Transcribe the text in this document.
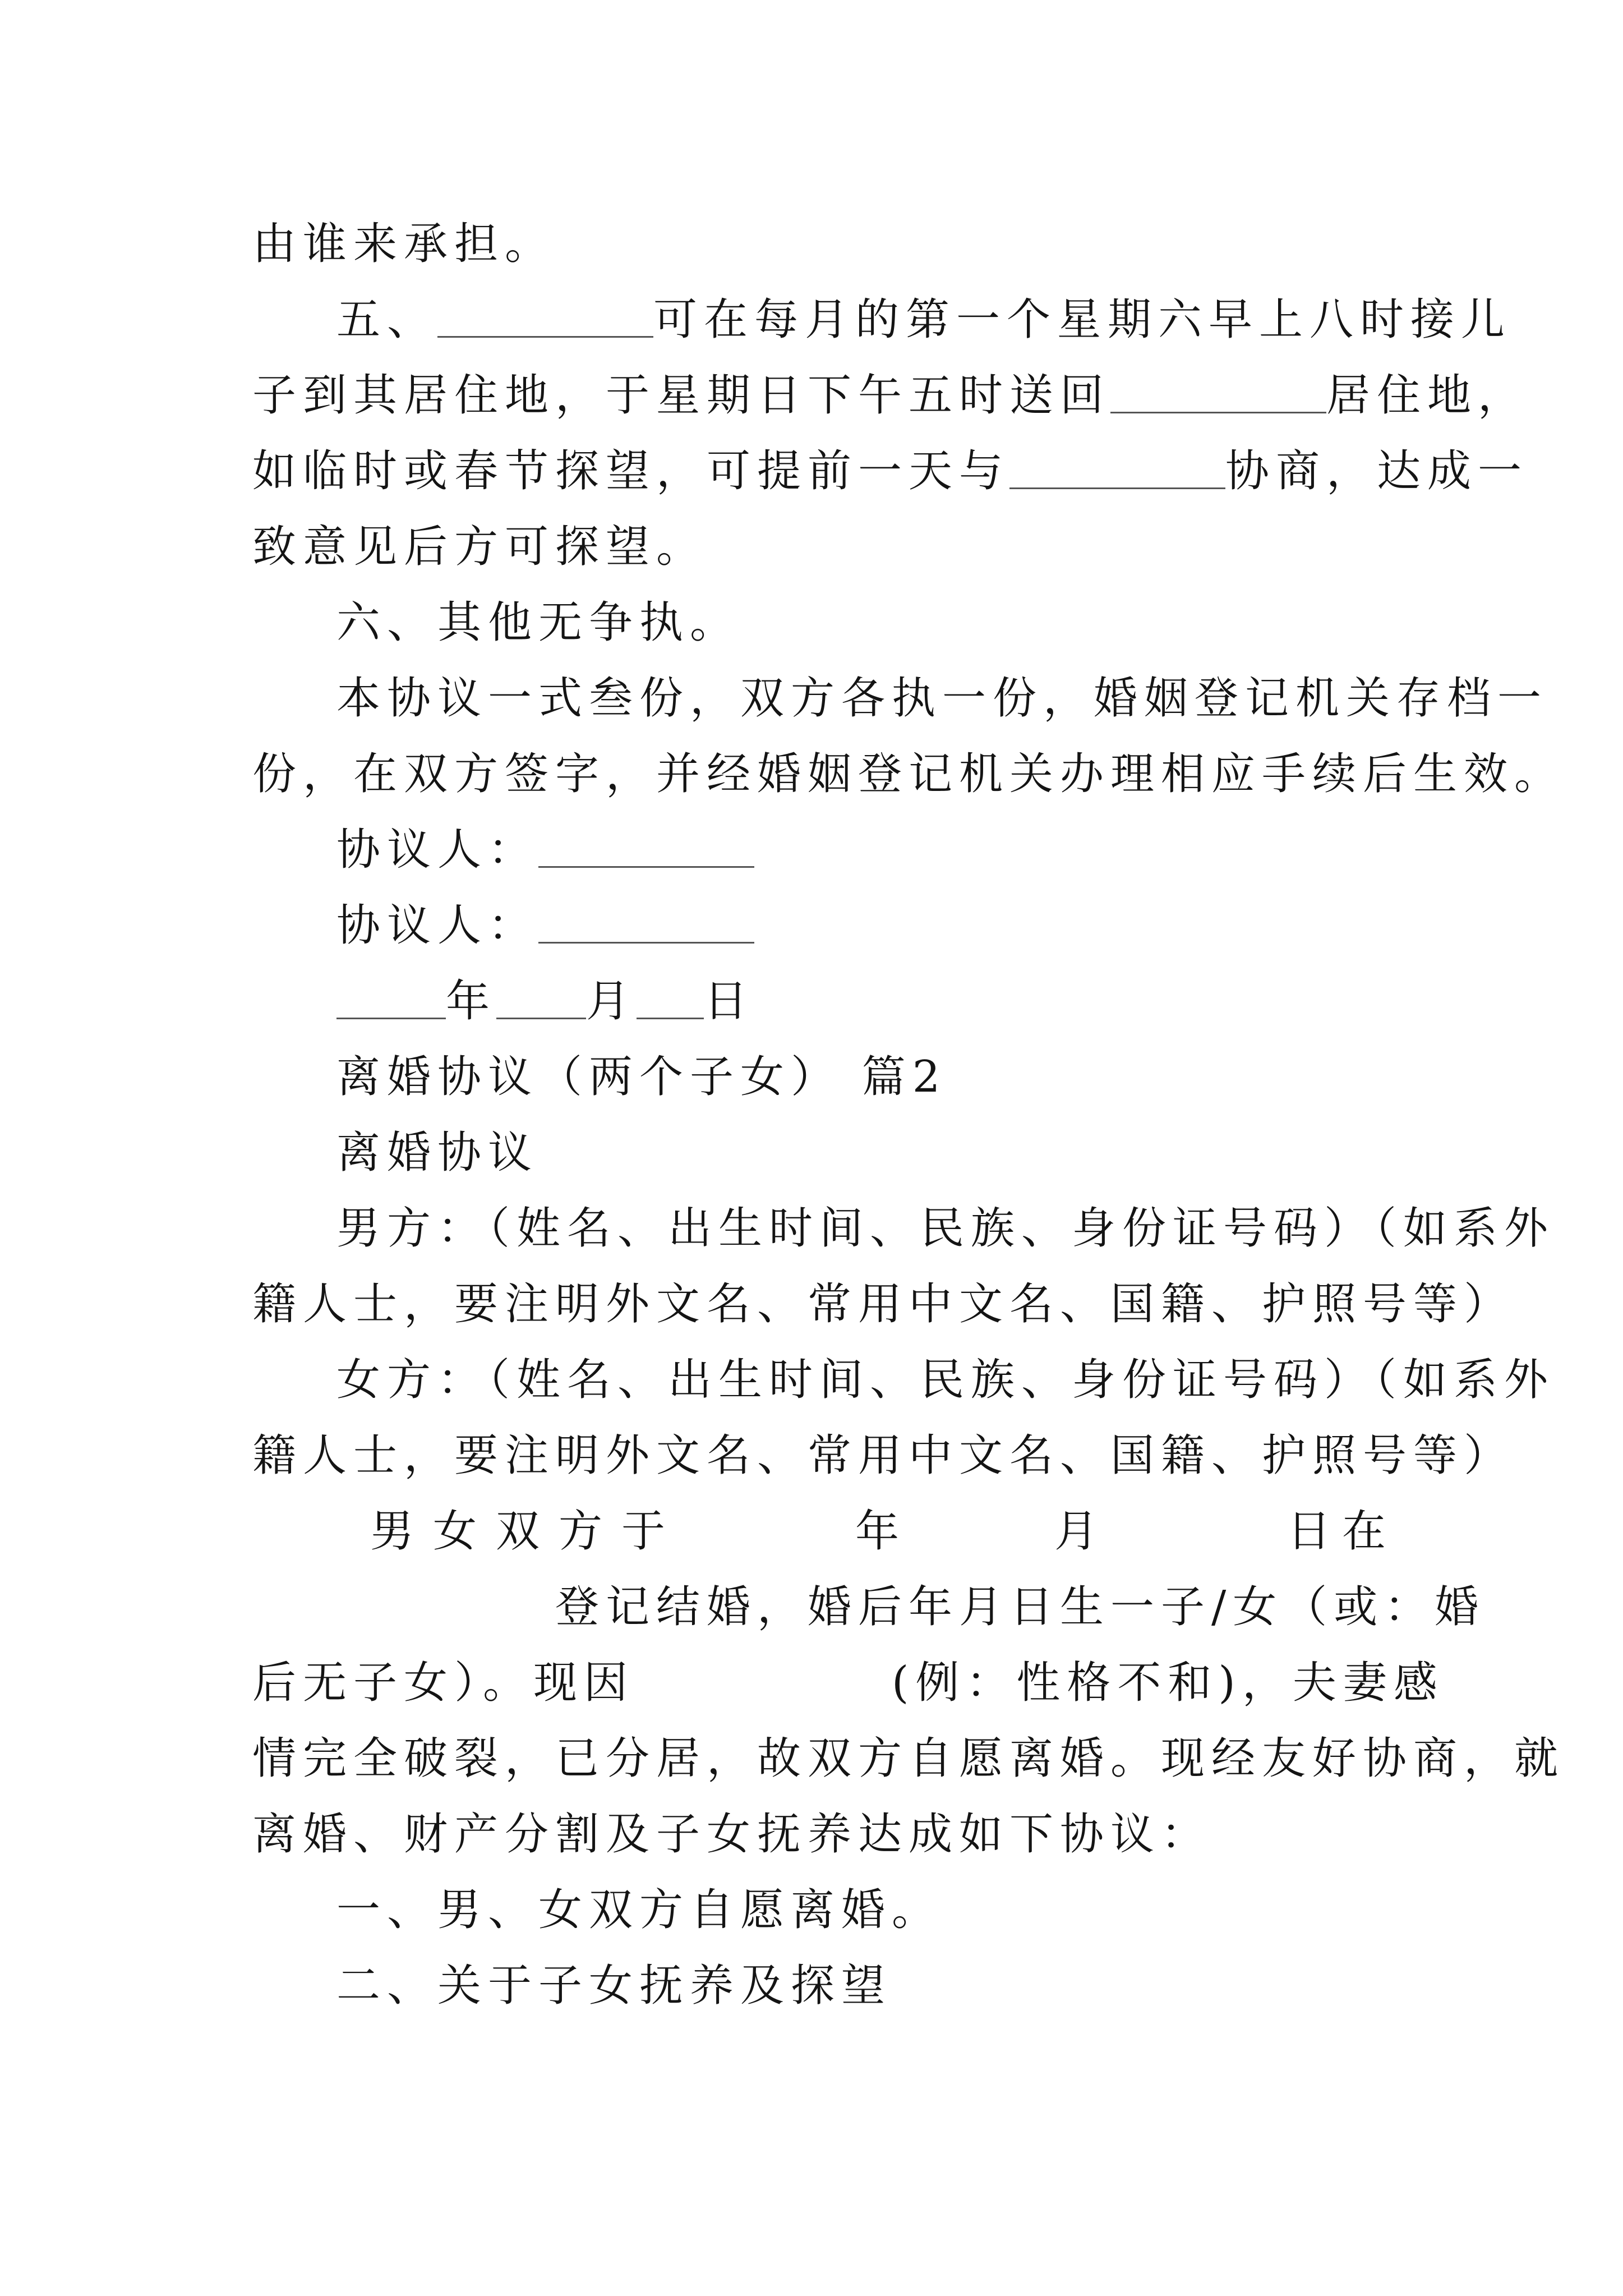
由谁来承担。
五、	可在每月的第一个星期六早上八时接儿
子到其居住地，于星期日下午五时送回	居住地，
如临时或春节探望，可提前一天与	协商，达成一
致意见后方可探望。
六、其他无争执。
本协议一式叁份，双方各执一份，婚姻登记机关存档一
份，在双方签字，并经婚姻登记机关办理相应手续后生效。
协议人：
协议人：
年 月 日
离婚协议（两个子女） 篇2
离婚协议
男方：（姓名、出生时间、民族、身份证号码）（如系外
籍人士，要注明外文名、常用中文名、国籍、护照号等）
女方：（姓名、出生时间、民族、身份证号码）（如系外
籍人士，要注明外文名、常用中文名、国籍、护照号等）
男女双方于	年	月	日在
登记结婚，婚后年月日生一子/女（或：婚
后无子女）。现因	(例：性格不和)，夫妻感
情完全破裂，已分居，故双方自愿离婚。现经友好协商，就
离婚、财产分割及子女抚养达成如下协议：
一、男、女双方自愿离婚。
二、关于子女抚养及探望
